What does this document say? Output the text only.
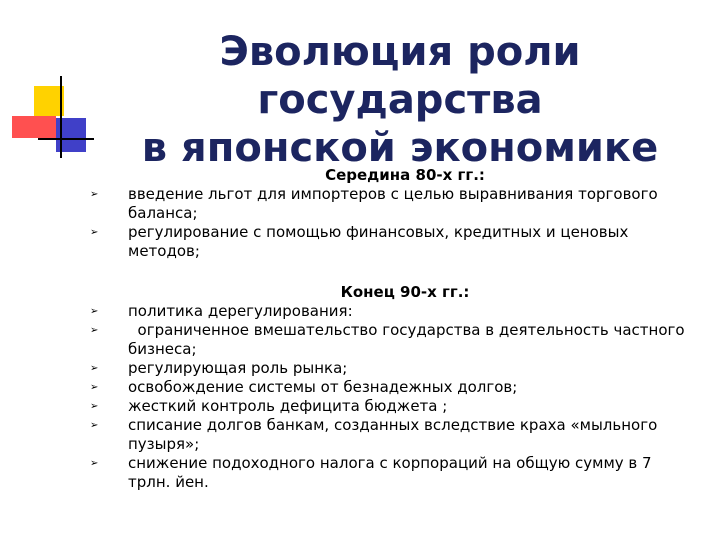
Эволюция роли государства
в японской экономике

Середина 80-х гг.:

➢ введение льгот для импортеров с целью выравнивания торгового баланса;
➢ регулирование с помощью финансовых, кредитных и ценовых методов;

Конец 90-х гг.:

➢ политика дерегулирования:
➢ ограниченное вмешательство государства в деятельность частного бизнеса;
➢ регулирующая роль рынка;
➢ освобождение системы от безнадежных долгов;
➢ жесткий контроль дефицита бюджета ;
➢ списание долгов банкам, созданных вследствие краха «мыльного пузыря»;
➢ снижение подоходного налога с корпораций на общую сумму в 7 трлн. йен.
